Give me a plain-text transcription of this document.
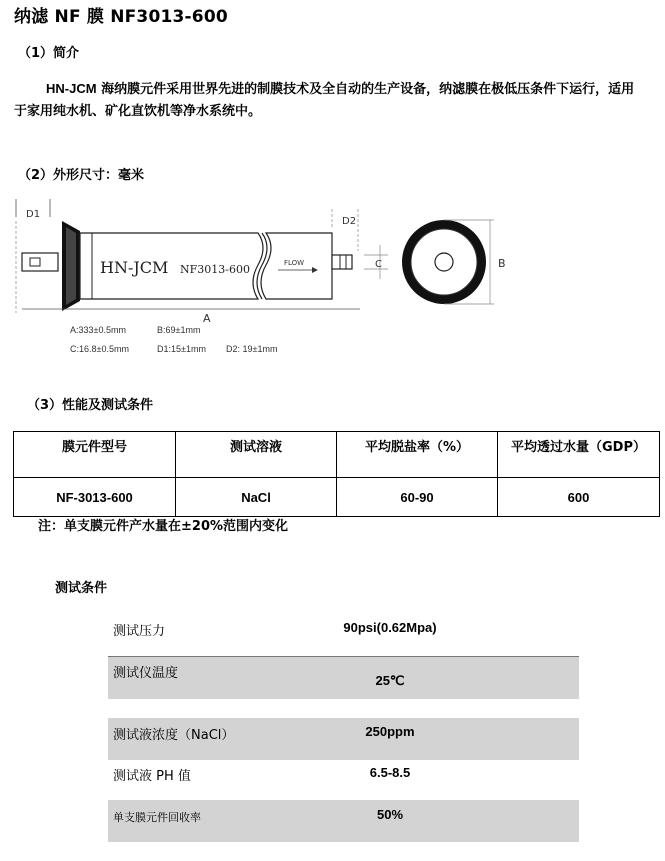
纳滤 NF 膜 NF3013-600
（1）简介
HN-JCM 海纳膜元件采用世界先进的制膜技术及全自动的生产设备，纳滤膜在极低压条件下运行，适用于家用纯水机、矿化直饮机等净水系统中。
（2）外形尺寸：毫米
D1
HN-JCM NF3013-600	FLOW
D2
C
A
B
A:333±0.5mm	B:69±1mm
C:16.8±0.5mm	D1:15±1mm D2: 19±1mm
（3）性能及测试条件
膜元件型号	测试溶液	平均脱盐率（%）	平均透过水量（GDP）
NF-3013-600	NaCl	60-90	600
注：单支膜元件产水量在±20%范围内变化
测试条件
测试压力	90psi(0.62Mpa)
测试仪温度	25℃
测试液浓度（NaCl）	250ppm
测试液 PH 值	6.5-8.5
单支膜元件回收率	50%
